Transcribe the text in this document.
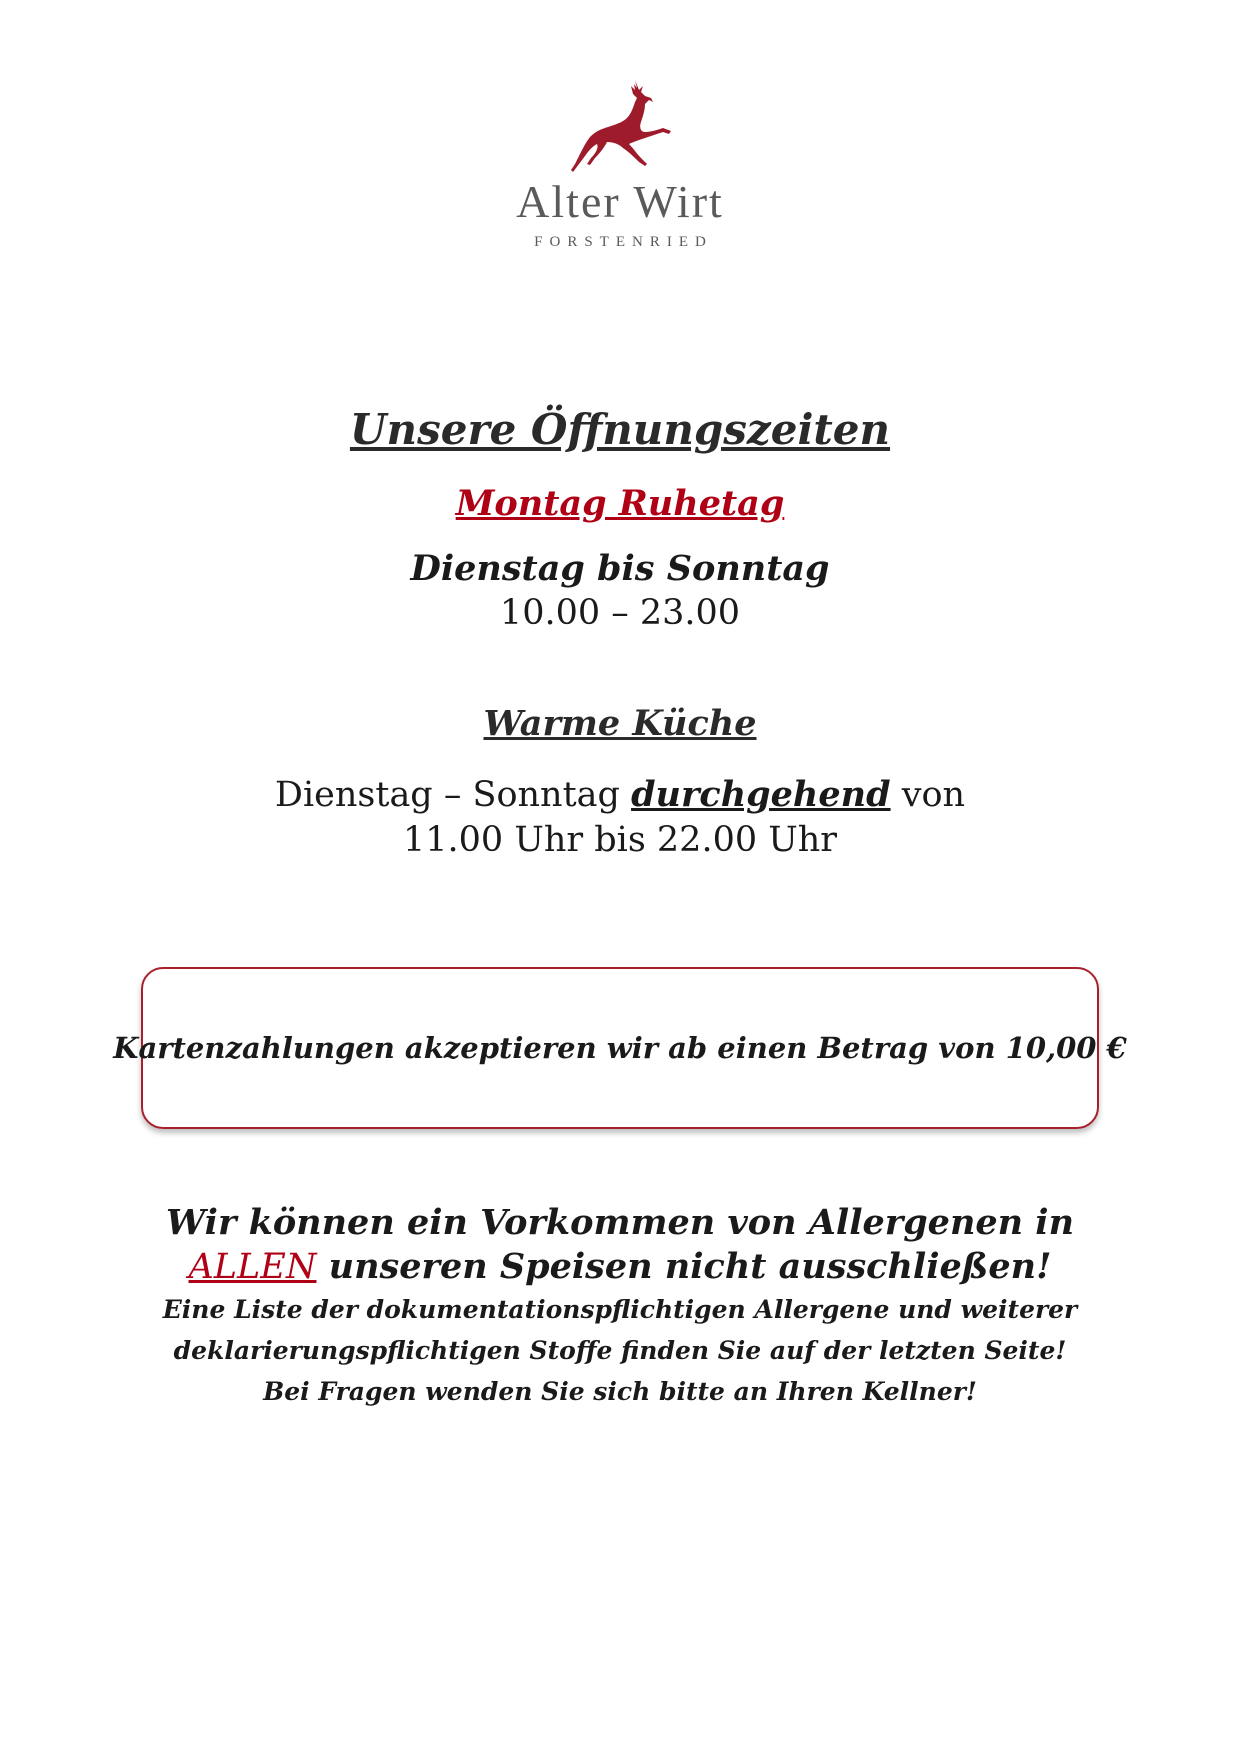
Alter Wirt
FORSTENRIED
Unsere Öffnungszeiten
Montag Ruhetag
Dienstag bis Sonntag
10.00 – 23.00
Warme Küche
Dienstag – Sonntag durchgehend von
11.00 Uhr bis 22.00 Uhr
Kartenzahlungen akzeptieren wir ab einen Betrag von 10,00 €
Wir können ein Vorkommen von Allergenen in
ALLEN unseren Speisen nicht ausschließen!
Eine Liste der dokumentationspflichtigen Allergene und weiterer
deklarierungspflichtigen Stoffe finden Sie auf der letzten Seite!
Bei Fragen wenden Sie sich bitte an Ihren Kellner!
